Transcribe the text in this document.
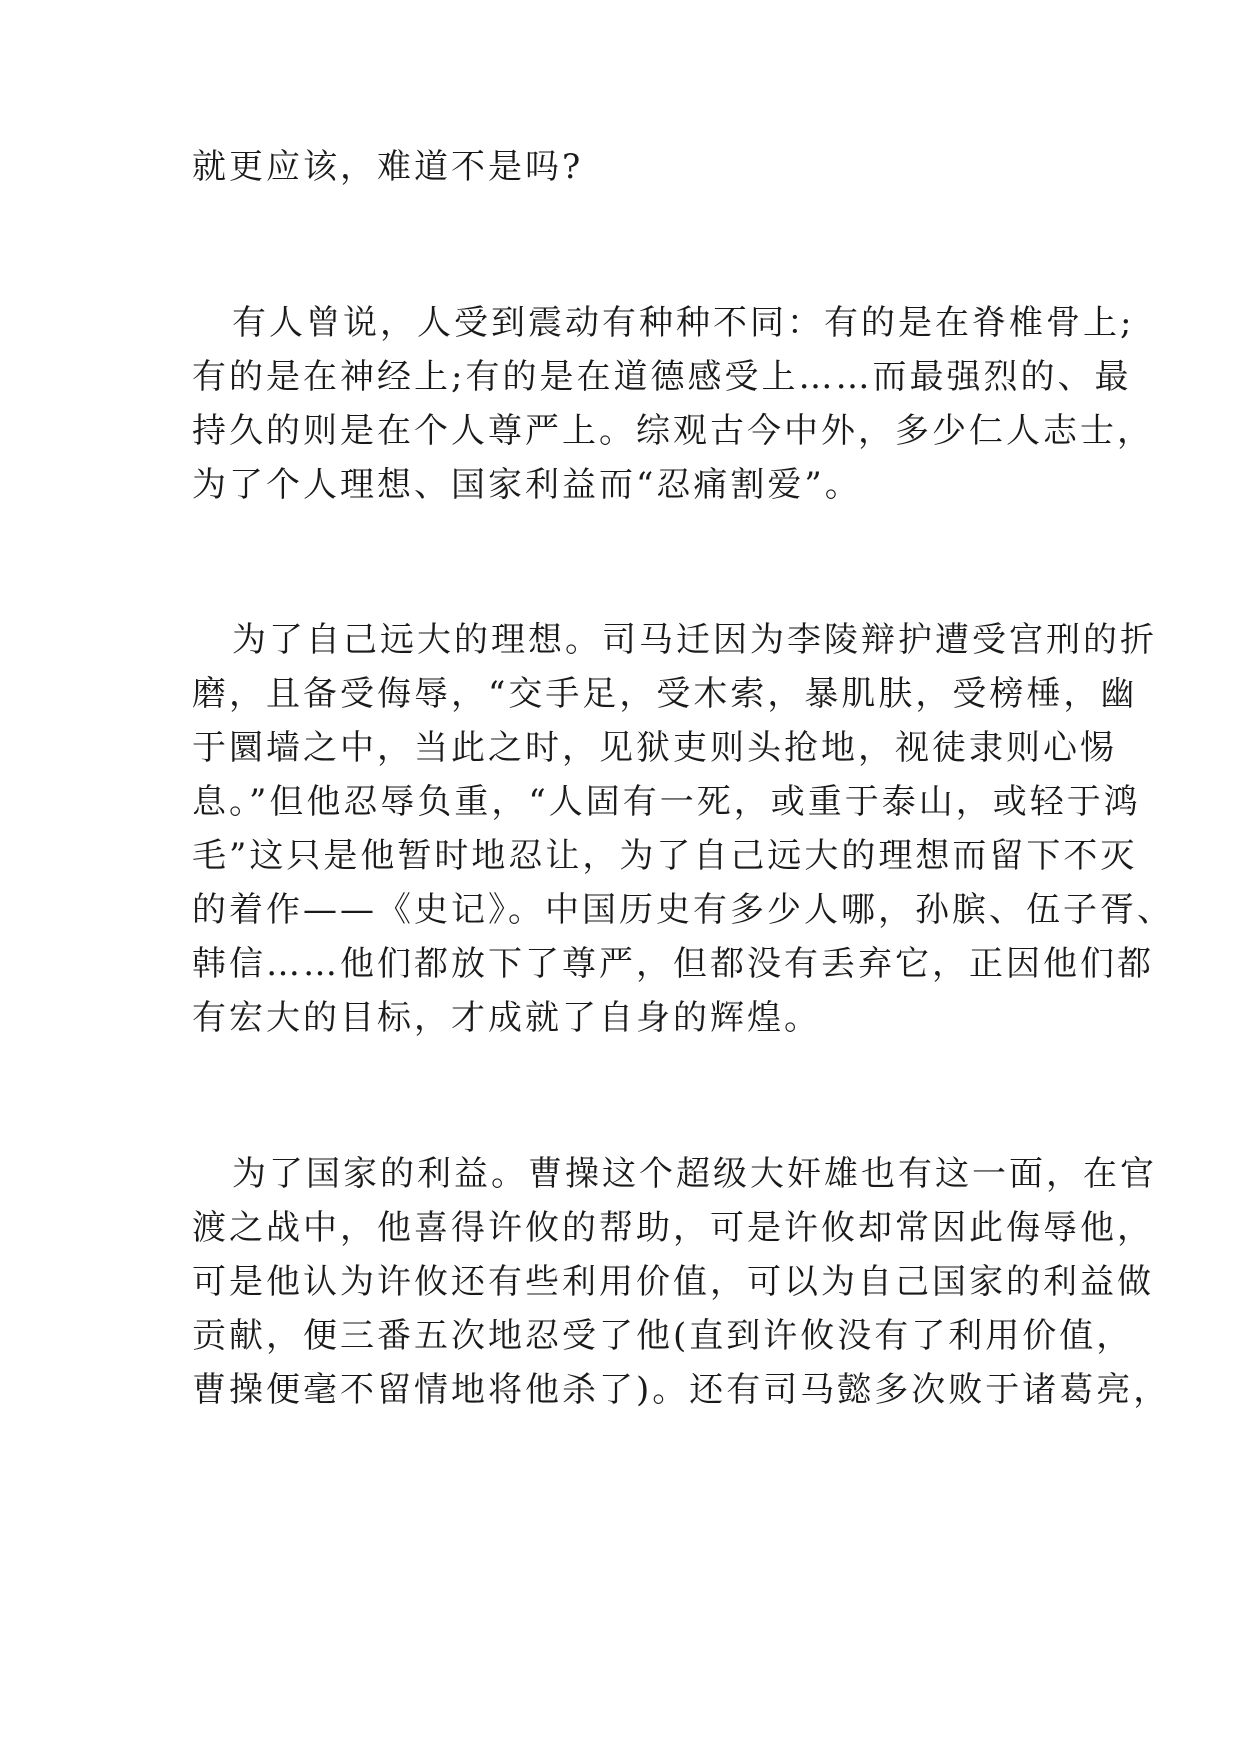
就更应该，难道不是吗?
有人曾说，人受到震动有种种不同：有的是在脊椎骨上;
有的是在神经上;有的是在道德感受上……而最强烈的、最
持久的则是在个人尊严上。综观古今中外，多少仁人志士，
为了个人理想、国家利益而“忍痛割爱”。
为了自己远大的理想。司马迁因为李陵辩护遭受宫刑的折
磨，且备受侮辱，“交手足，受木索，暴肌肤，受榜棰，幽
于圜墙之中，当此之时，见狱吏则头抢地，视徒隶则心惕
息。”但他忍辱负重，“人固有一死，或重于泰山，或轻于鸿
毛”这只是他暂时地忍让，为了自己远大的理想而留下不灭
的着作——《史记》。中国历史有多少人哪，孙膑、伍子胥、
韩信……他们都放下了尊严，但都没有丢弃它，正因他们都
有宏大的目标，才成就了自身的辉煌。
为了国家的利益。曹操这个超级大奸雄也有这一面，在官
渡之战中，他喜得许攸的帮助，可是许攸却常因此侮辱他，
可是他认为许攸还有些利用价值，可以为自己国家的利益做
贡献，便三番五次地忍受了他(直到许攸没有了利用价值，
曹操便毫不留情地将他杀了)。还有司马懿多次败于诸葛亮，
